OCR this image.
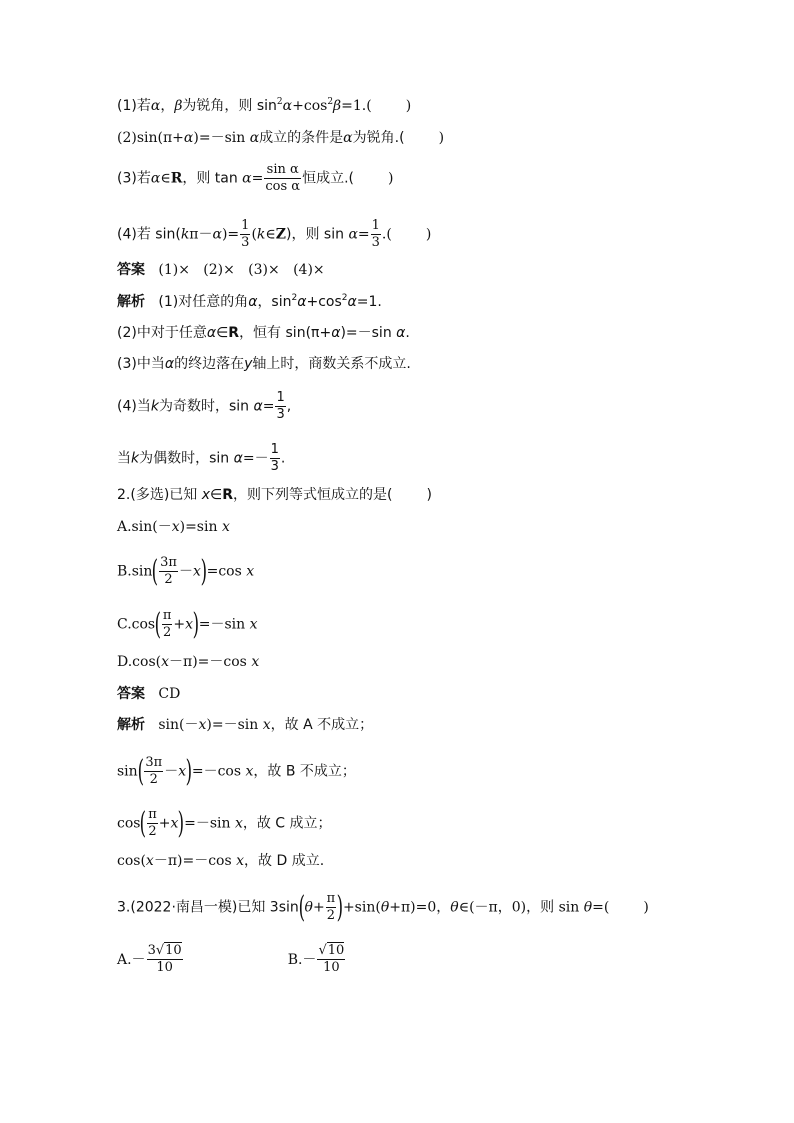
(1)若α，β为锐角，则 $\sin^2\alpha+\cos^2\beta=1$.( )
(2)sin(π+α)=－sin α成立的条件是α为锐角.( )
(3)若α∈R，则 $\tan \alpha= \frac{\text{sin α}}{\text{cos α}}$ 恒成立.( )
(4)若 $\sin(k\pi-\alpha)= \frac{1}{3}$ (k∈Z)，则 $\sin \alpha= \frac{1}{3}$ .( )
答案 (1)×   (2)×   (3)×   (4)×
解析 (1)对任意的角α，$\sin^2\alpha+\cos^2\alpha=1$.
(2)中对于任意α∈R，恒有 sin(π+α)=－sin α.
(3)中当α的终边落在y轴上时，商数关系不成立.
(4)当k为奇数时，$\sin \alpha= \frac{1}{3}$ ,
当k为偶数时，$\sin \alpha=- \frac{1}{3}$ .
2.(多选)已知 x∈R，则下列等式恒成立的是( )
A.sin(－x)=sin x
$B.\sin( \frac{3\pi}{2} -x)=\cos$ x
$C.\cos( \frac{\pi}{2} +x)=-\sin$ x
D.cos(x－π)=－cos x
答案 CD
解析 sin(－x)=－sin x，故 A 不成立；
$\sin( \frac{3\pi}{2} -x)=-\cos$ x，故 B 不成立；
$\cos( \frac{\pi}{2} +x)=-\sin$ x，故 C 成立；
cos(x－π)=－cos x，故 D 成立.
3.(2022·南昌一模)已知 $3\sin(\theta+ \frac{\pi}{2} )+\sin(\theta+\pi)=0$，θ∈(－π，0)，则 sin θ=( )
$A.- \frac{3√10}{10}$	$B.- \frac{√10}{10}$
